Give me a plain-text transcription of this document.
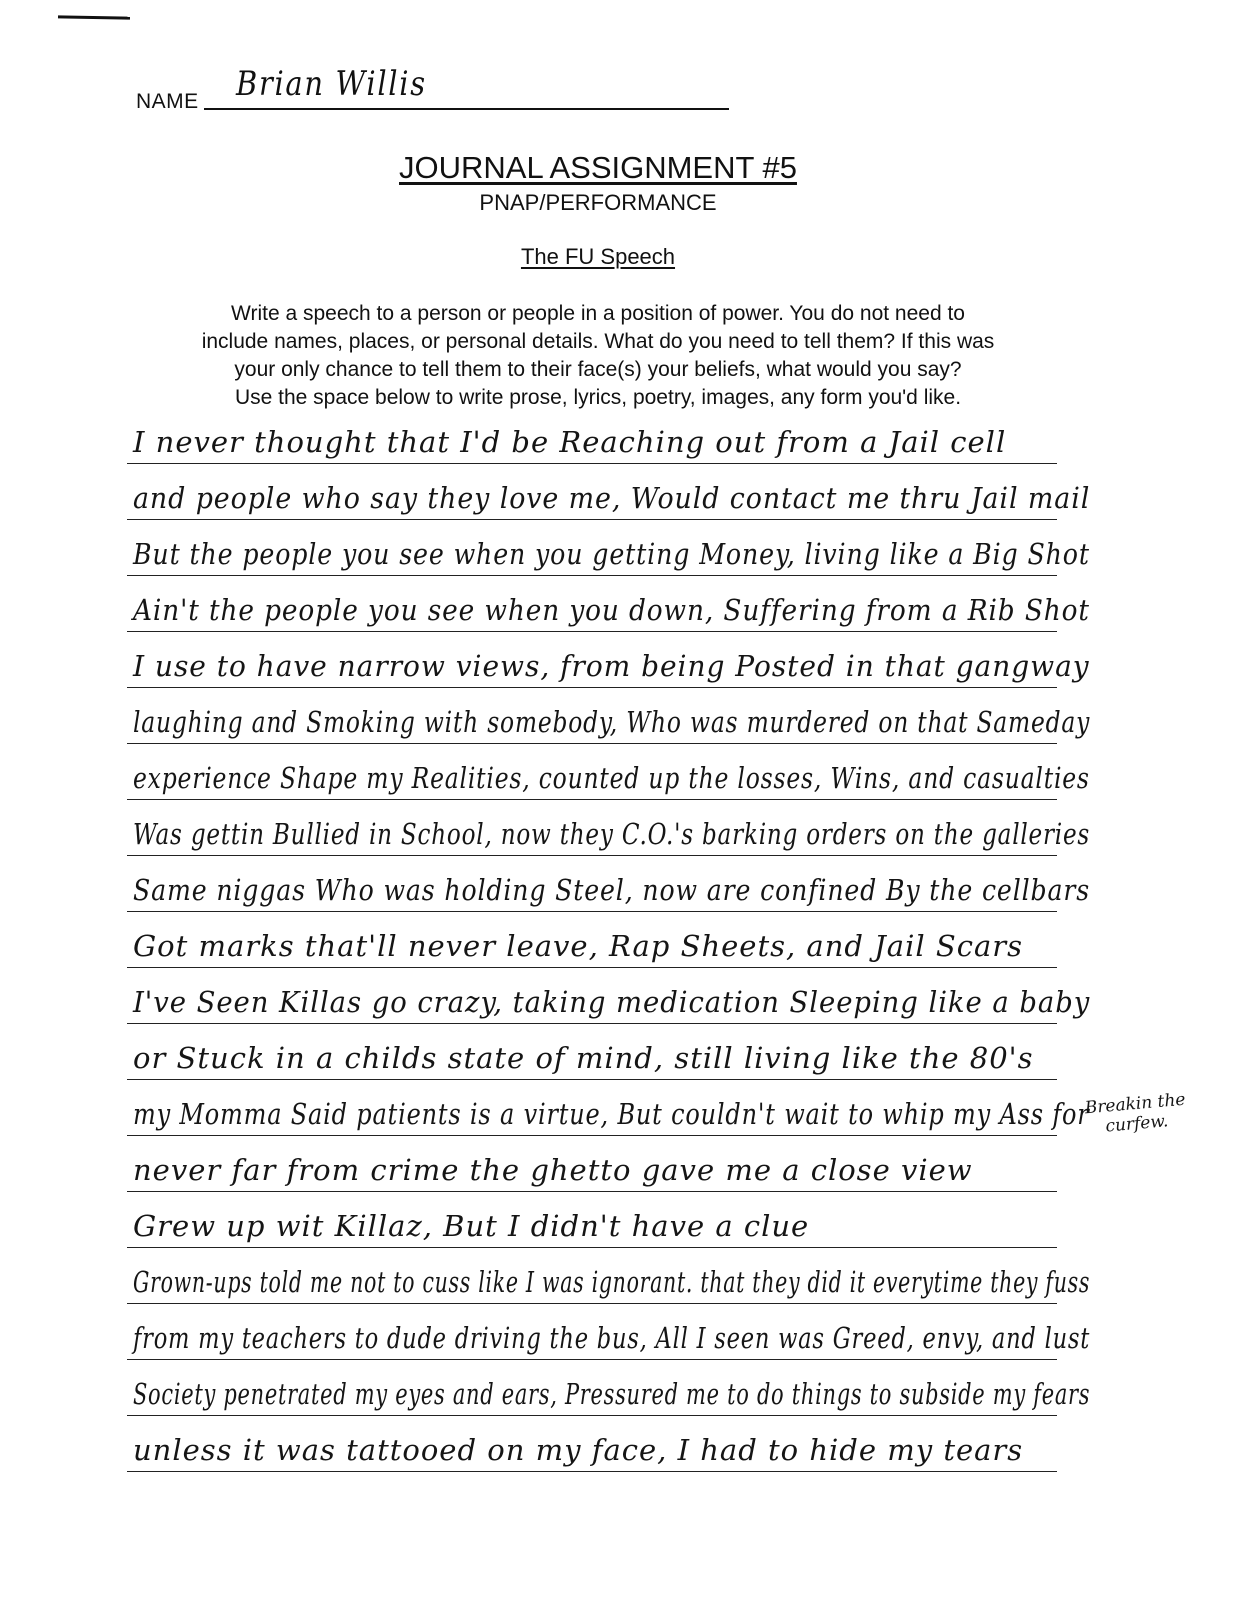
NAME Brian Willis
JOURNAL ASSIGNMENT #5
PNAP/PERFORMANCE
The FU Speech
Write a speech to a person or people in a position of power. You do not need to
include names, places, or personal details. What do you need to tell them? If this was
your only chance to tell them to their face(s) your beliefs, what would you say?
Use the space below to write prose, lyrics, poetry, images, any form you'd like.
I never thought that I'd be Reaching out from a Jail cell
and people who say they love me, Would contact me thru Jail mail
But the people you see when you getting Money, living like a Big Shot
Ain't the people you see when you down, Suffering from a Rib Shot
I use to have narrow views, from being Posted in that gangway
laughing and Smoking with somebody, Who was murdered on that Sameday
experience Shape my Realities, counted up the losses, Wins, and casualties
Was gettin Bullied in School, now they C.O.'s barking orders on the galleries
Same niggas Who was holding Steel, now are confined By the cellbars
Got marks that'll never leave, Rap Sheets, and Jail Scars
I've Seen Killas go crazy, taking medication Sleeping like a baby
or Stuck in a childs state of mind, still living like the 80's
my Momma Said patients is a virtue, But couldn't wait to whip my Ass for
never far from crime the ghetto gave me a close view
Grew up wit Killaz, But I didn't have a clue
Grown-ups told me not to cuss like I was ignorant. that they did it everytime they fuss
from my teachers to dude driving the bus, All I seen was Greed, envy, and lust
Society penetrated my eyes and ears, Pressured me to do things to subside my fears
unless it was tattooed on my face, I had to hide my tears
Breakin the curfew.
